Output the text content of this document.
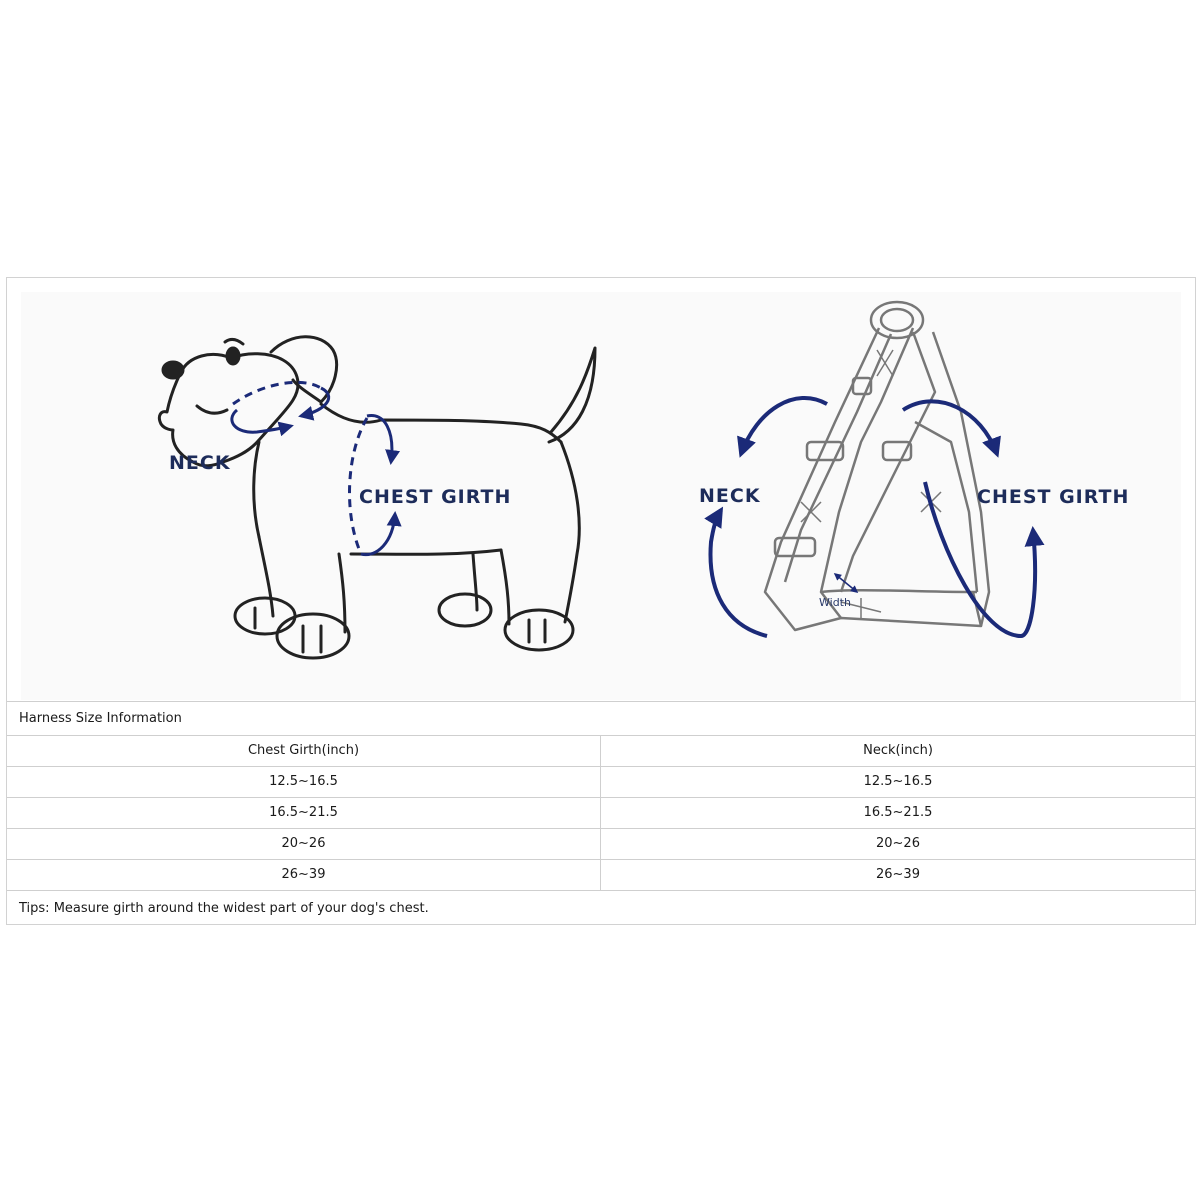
NECK
CHEST GIRTH	NECK	CHEST GIRTH
Width
Harness Size Information
Chest Girth(inch)	Neck(inch)
12.5~16.5	12.5~16.5
16.5~21.5	16.5~21.5
20~26	20~26
26~39	26~39
Tips: Measure girth around the widest part of your dog's chest.
